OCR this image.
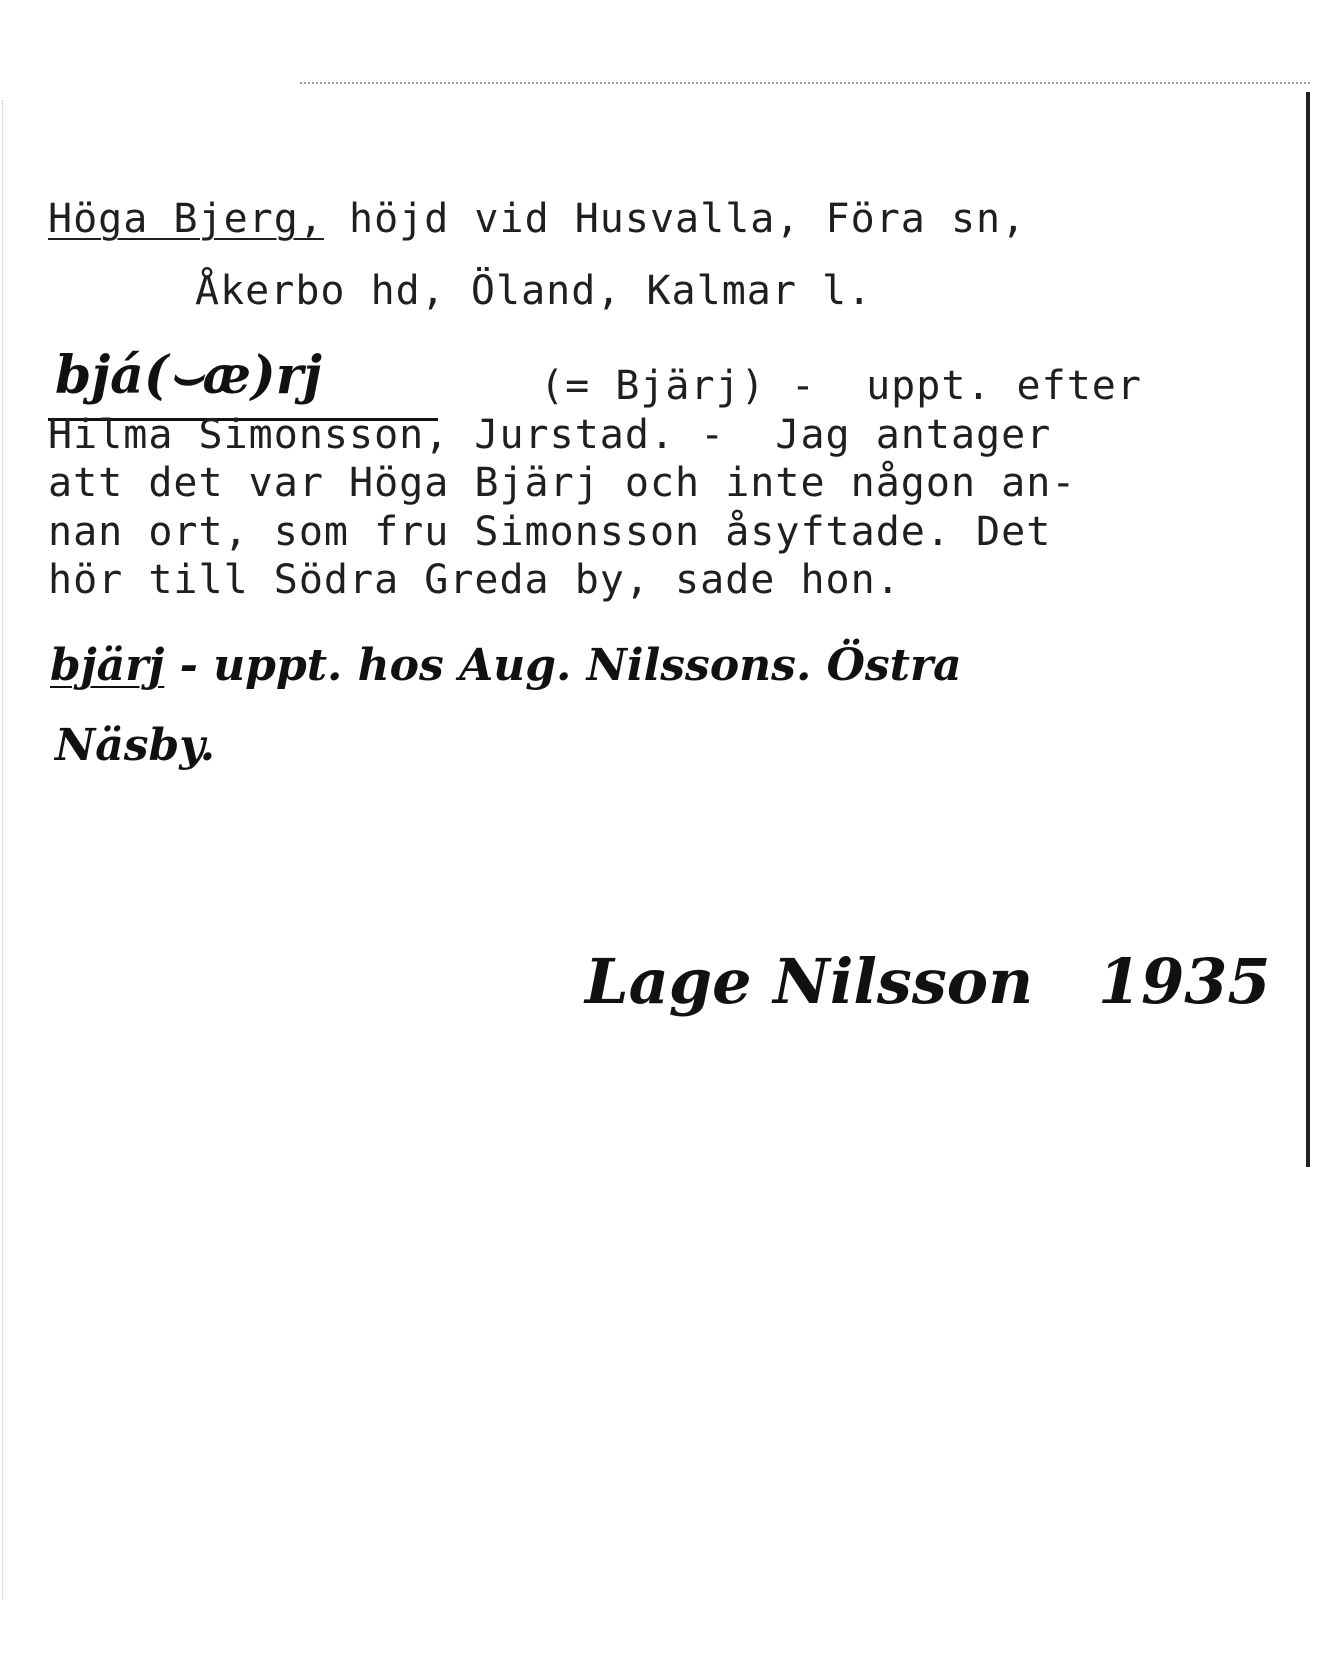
Höga Bjerg, höjd vid Husvalla, Föra sn,
Åkerbo hd, Öland, Kalmar l.
bjá(⌣æ)rj	(= Bjärj) -  uppt. efter
Hilma Simonsson, Jurstad. -  Jag antager
att det var Höga Bjärj och inte någon an-
nan ort, som fru Simonsson åsyftade. Det
hör till Södra Greda by, sade hon.
bjärj - uppt. hos Aug. Nilssons. Östra
Näsby.
Lage Nilsson 1935
